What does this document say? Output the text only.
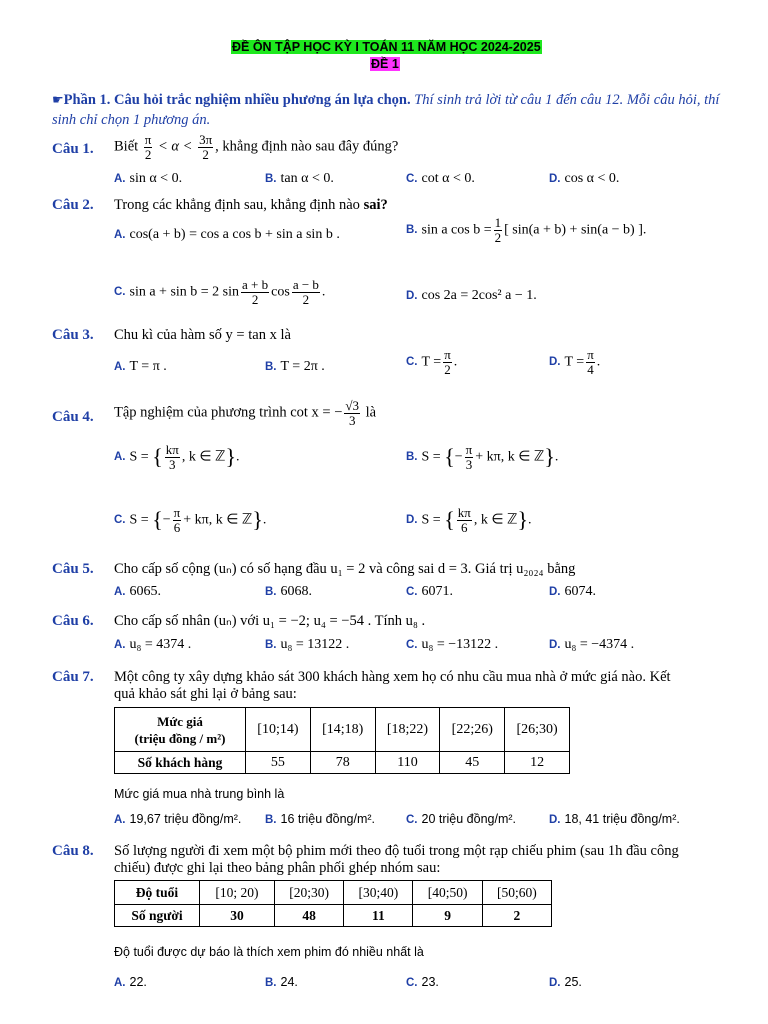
ĐỀ ÔN TẬP HỌC KỲ I TOÁN 11 NĂM HỌC 2024-2025
ĐỀ 1
☛Phần 1. Câu hỏi trắc nghiệm nhiều phương án lựa chọn. Thí sinh trả lời từ câu 1 đến câu 12. Mỗi câu hỏi, thí sinh chỉ chọn 1 phương án.
Câu 1. Biết $\frac{\pi}{2} < \alpha < \frac{3\pi}{2}$ , khẳng định nào sau đây đúng?
A. sin α < 0.	B. tan α < 0.	C. cot α < 0.	D. cos α < 0.
Câu 2. Trong các khẳng định sau, khẳng định nào sai?
A. cos(a + b) = cos a cos b + sin a sin b .	B. sin a $\cos b = \frac{1}{2}$ [ sin(a + b) + sin(a − b) ].
C. sin a + sin b = 2 $\sin \frac{a + b}{2}$ $\cos \frac{a - b}{2}$ .	D. cos 2a = 2cos² a − 1.
Câu 3. Chu kì của hàm số y = tan x là
A. T = π .	B. T = 2π .	C. $T = \frac{\pi}{2}$ .	D. $T = \frac{\pi}{4}$ .
Câu 4. Tập nghiệm của phương trình cot x = − $\frac{√3}{3}$ là
A. S = { $\frac{k\pi}{3}$ , k ∈ ℤ}.	B. S = {− $\frac{\pi}{3} + k\pi$, k ∈ ℤ}.
C. S = {− $\frac{\pi}{6} + k\pi$, k ∈ ℤ}.	D. S = { $\frac{k\pi}{6}$ , k ∈ ℤ}.
Câu 5. Cho cấp số cộng (uₙ) có số hạng đầu u₁ = 2 và công sai d = 3. Giá trị u₂₀₂₄ bằng
A. 6065.	B. 6068.	C. 6071.	D. 6074.
Câu 6. Cho cấp số nhân (uₙ) với u₁ = −2; u₄ = −54 . Tính u₈ .
A. u₈ = 4374 .	B. u₈ = 13122 .	C. u₈ = −13122 .	D. u₈ = −4374 .
Câu 7. Một công ty xây dựng khảo sát 300 khách hàng xem họ có nhu cầu mua nhà ở mức giá nào. Kết
quả khảo sát ghi lại ở bảng sau:
Mức giá
(triệu đồng / m²)	[10;14)	[14;18)	[18;22)	[22;26)	[26;30)
Số khách hàng	55	78	110	45	12
Mức giá mua nhà trung bình là
A. 19,67 triệu đồng/m². B. 16 triệu đồng/m².	C. 20 triệu đồng/m².	D. 18, 41 triệu đồng/m².
Câu 8. Số lượng người đi xem một bộ phim mới theo độ tuổi trong một rạp chiếu phim (sau 1h đầu công
chiếu) được ghi lại theo bảng phân phối ghép nhóm sau:
Độ tuổi	[10; 20)	[20;30)	[30;40)	[40;50)	[50;60)
Số người	30	48	11	9	2
Độ tuổi được dự báo là thích xem phim đó nhiều nhất là
A. 22.	B. 24.	C. 23.	D. 25.
